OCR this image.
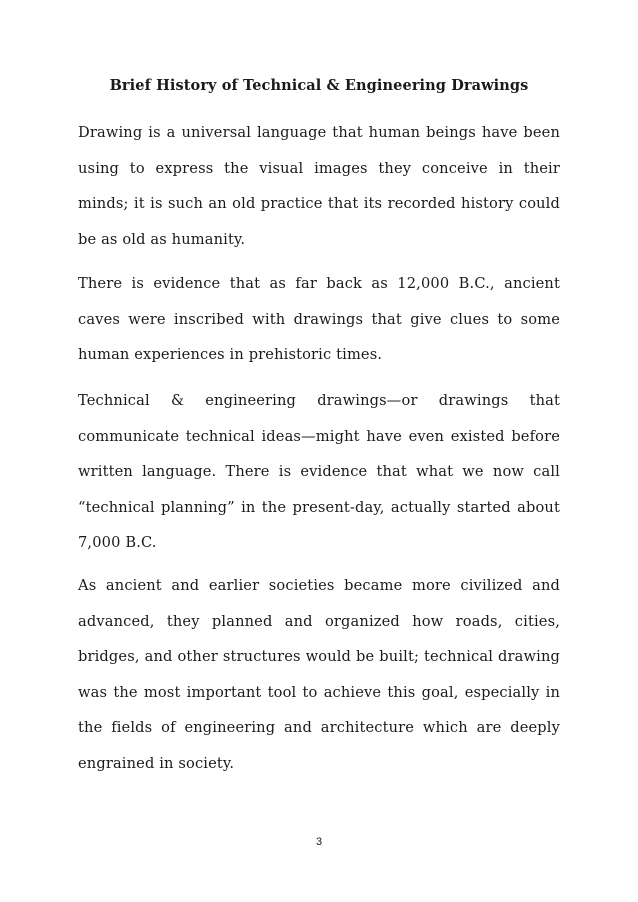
Brief History of Technical & Engineering Drawings

Drawing is a universal language that human beings have been using to express the visual images they conceive in their minds; it is such an old practice that its recorded history could be as old as humanity.

There is evidence that as far back as 12,000 B.C., ancient caves were inscribed with drawings that give clues to some human experiences in prehistoric times.

Technical & engineering drawings—or drawings that communicate technical ideas—might have even existed before written language. There is evidence that what we now call “technical planning” in the present-day, actually started about 7,000 B.C.

As ancient and earlier societies became more civilized and advanced, they planned and organized how roads, cities, bridges, and other structures would be built; technical drawing was the most important tool to achieve this goal, especially in the fields of engineering and architecture which are deeply engrained in society.

3
